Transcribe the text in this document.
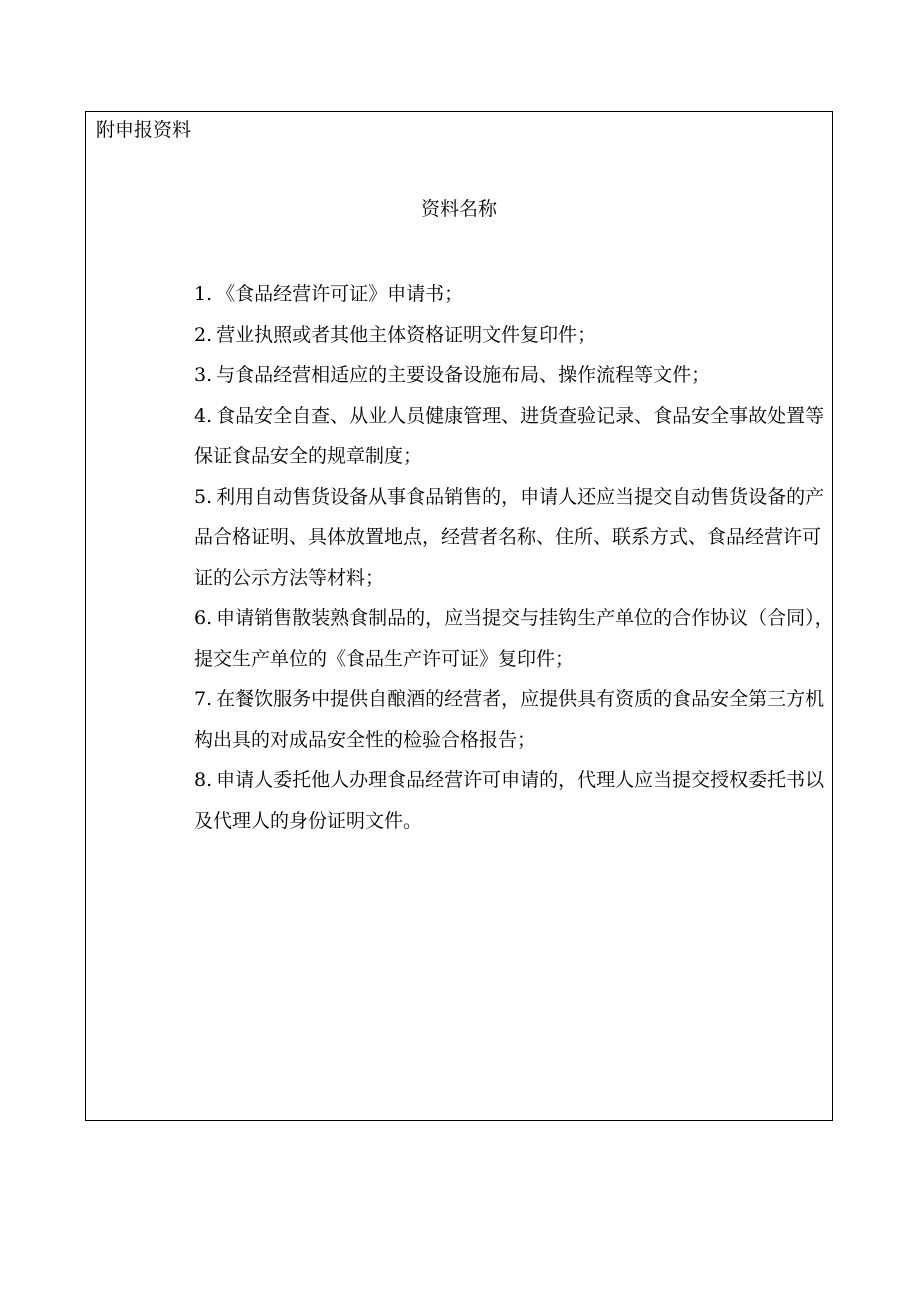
附申报资料
资料名称
1. 《食品经营许可证》申请书；
2. 营业执照或者其他主体资格证明文件复印件；
3. 与食品经营相适应的主要设备设施布局、操作流程等文件；
4. 食品安全自查、从业人员健康管理、进货查验记录、食品安全事故处置等保证食品安全的规章制度；
5. 利用自动售货设备从事食品销售的，申请人还应当提交自动售货设备的产品合格证明、具体放置地点，经营者名称、住所、联系方式、食品经营许可证的公示方法等材料；
6. 申请销售散装熟食制品的，应当提交与挂钩生产单位的合作协议（合同），提交生产单位的《食品生产许可证》复印件；
7. 在餐饮服务中提供自酿酒的经营者，应提供具有资质的食品安全第三方机构出具的对成品安全性的检验合格报告；
8. 申请人委托他人办理食品经营许可申请的，代理人应当提交授权委托书以及代理人的身份证明文件。
